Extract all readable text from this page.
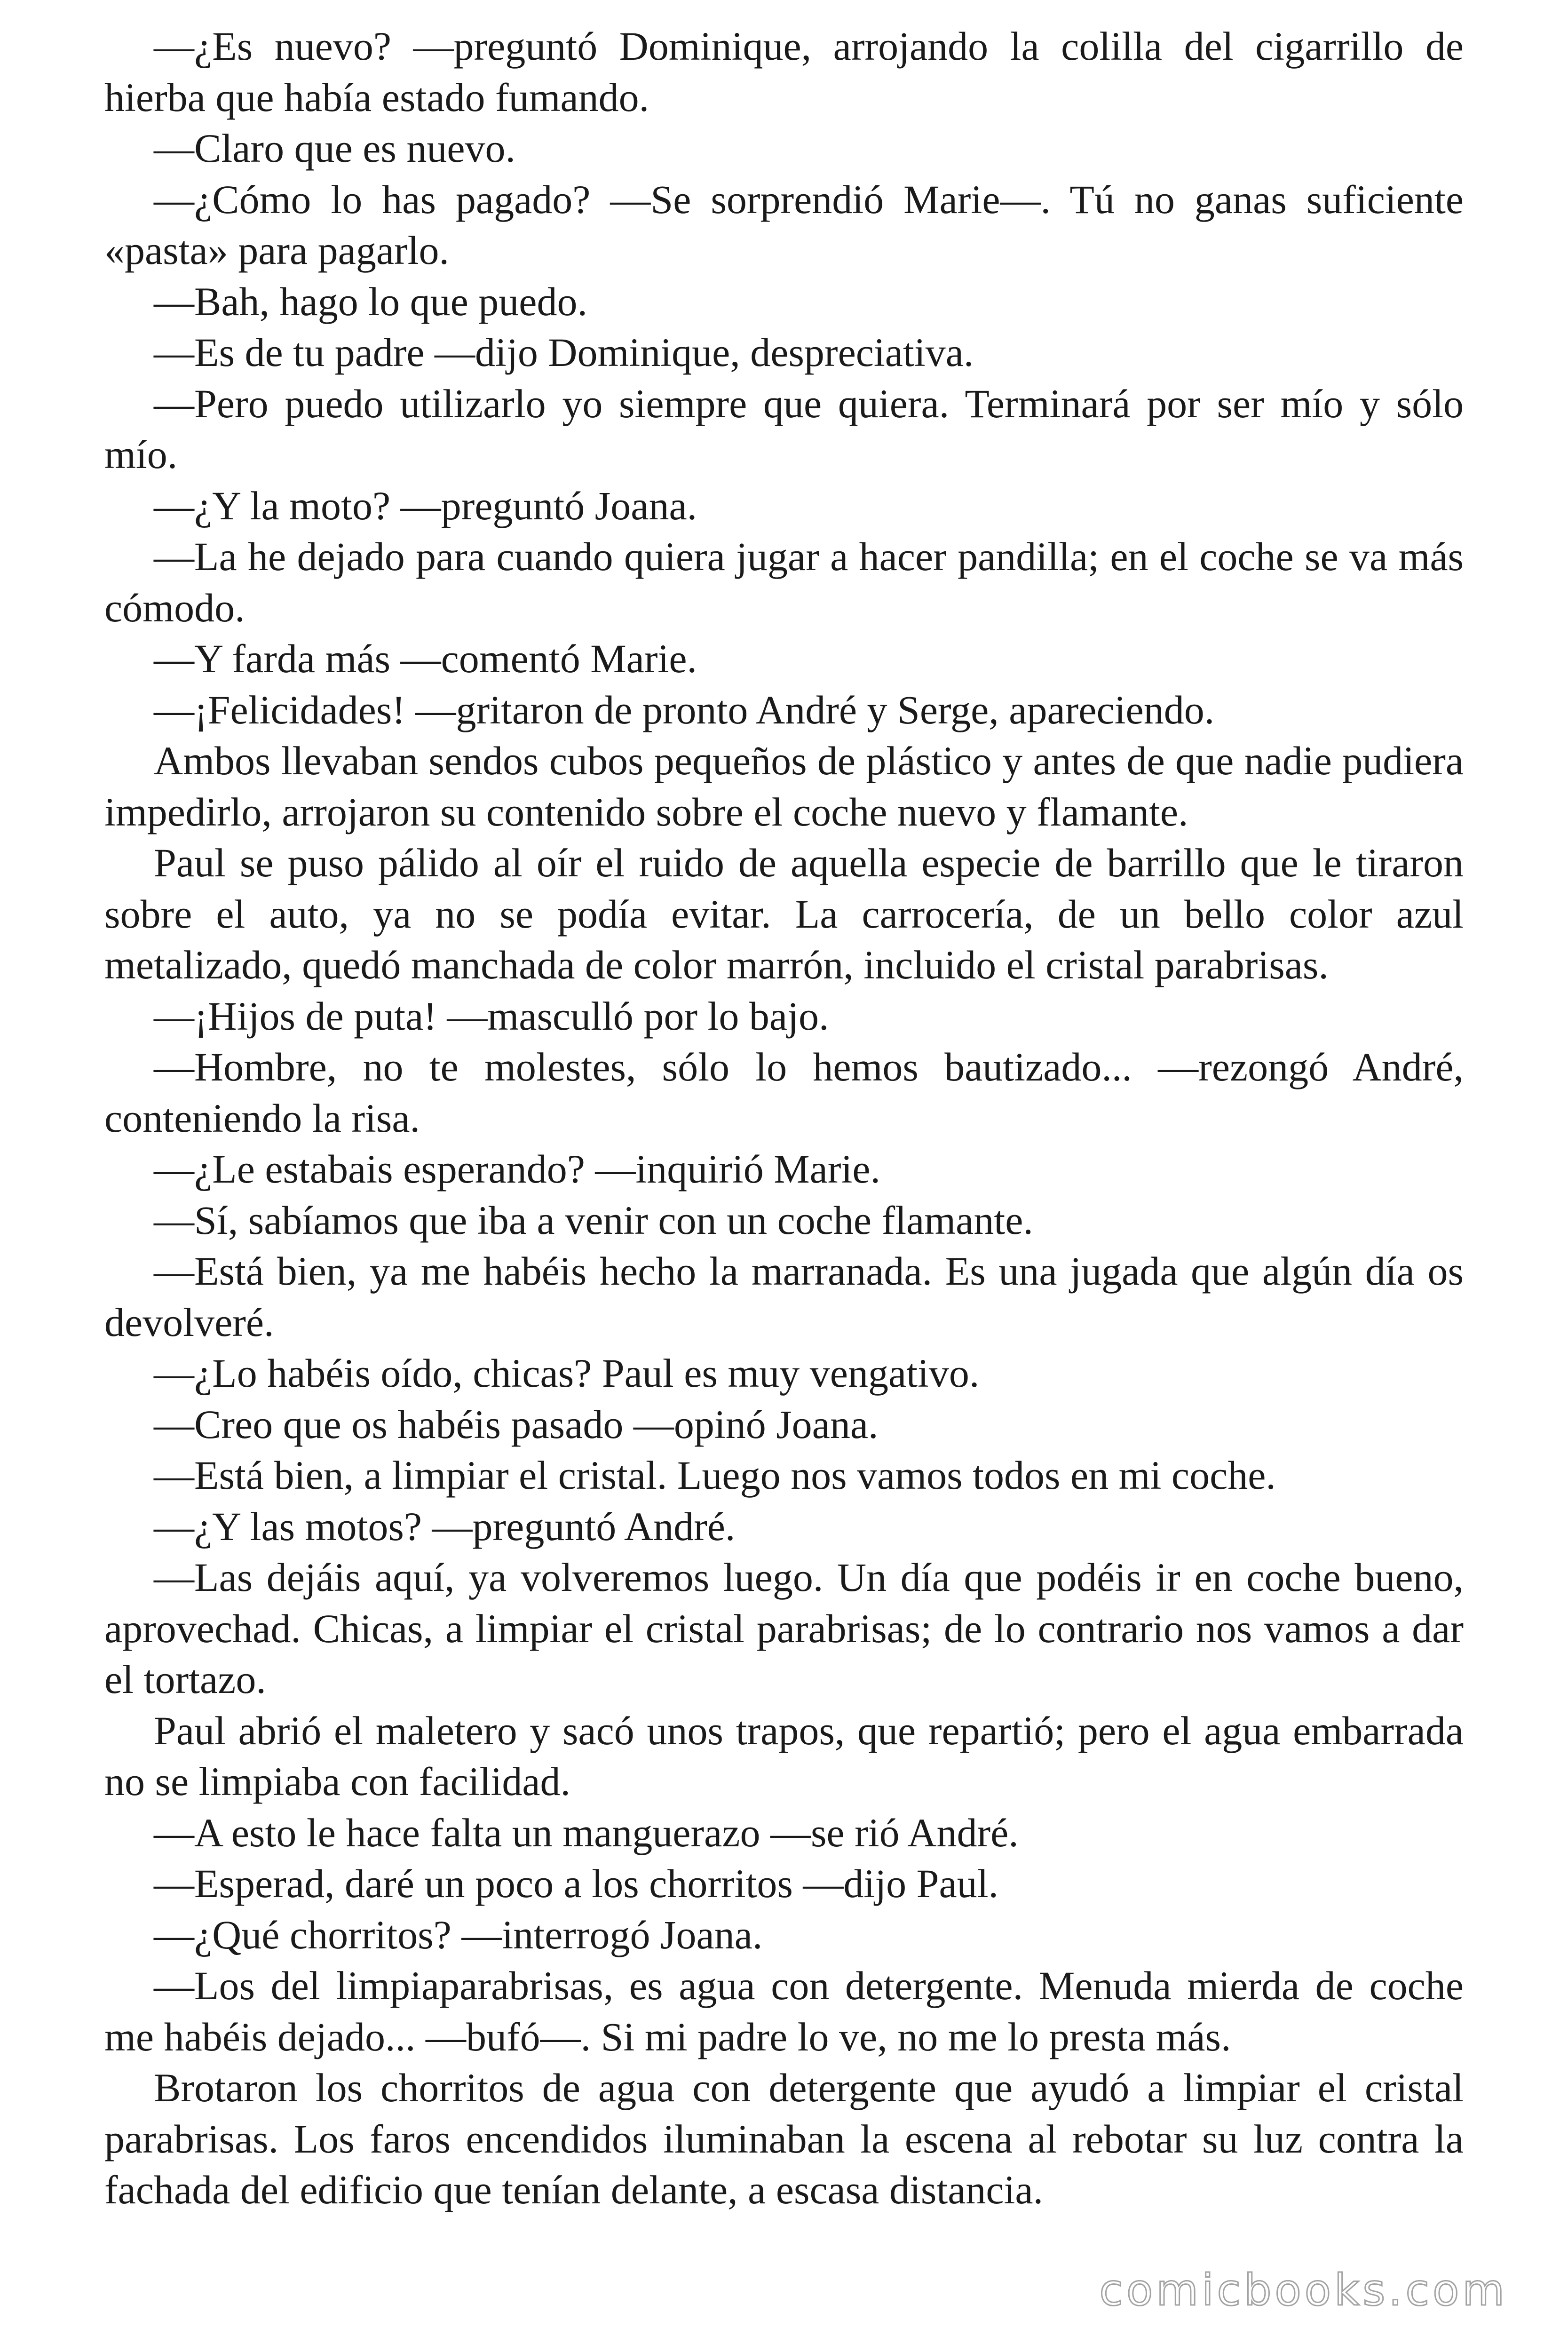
—¿Es nuevo? —preguntó Dominique, arrojando la colilla del cigarrillo de hierba que había estado fumando.

—Claro que es nuevo.

—¿Cómo lo has pagado? —Se sorprendió Marie—. Tú no ganas suficiente «pasta» para pagarlo.

—Bah, hago lo que puedo.

—Es de tu padre —dijo Dominique, despreciativa.

—Pero puedo utilizarlo yo siempre que quiera. Terminará por ser mío y sólo mío.

—¿Y la moto? —preguntó Joana.

—La he dejado para cuando quiera jugar a hacer pandilla; en el coche se va más cómodo.

—Y farda más —comentó Marie.

—¡Felicidades! —gritaron de pronto André y Serge, apareciendo.

Ambos llevaban sendos cubos pequeños de plástico y antes de que nadie pudiera impedirlo, arrojaron su contenido sobre el coche nuevo y flamante.

Paul se puso pálido al oír el ruido de aquella especie de barrillo que le tiraron sobre el auto, ya no se podía evitar. La carrocería, de un bello color azul metalizado, quedó manchada de color marrón, incluido el cristal parabrisas.

—¡Hijos de puta! —masculló por lo bajo.

—Hombre, no te molestes, sólo lo hemos bautizado... —rezongó André, conteniendo la risa.

—¿Le estabais esperando? —inquirió Marie.

—Sí, sabíamos que iba a venir con un coche flamante.

—Está bien, ya me habéis hecho la marranada. Es una jugada que algún día os devolveré.

—¿Lo habéis oído, chicas? Paul es muy vengativo.

—Creo que os habéis pasado —opinó Joana.

—Está bien, a limpiar el cristal. Luego nos vamos todos en mi coche.

—¿Y las motos? —preguntó André.

—Las dejáis aquí, ya volveremos luego. Un día que podéis ir en coche bueno, aprovechad. Chicas, a limpiar el cristal parabrisas; de lo contrario nos vamos a dar el tortazo.

Paul abrió el maletero y sacó unos trapos, que repartió; pero el agua embarrada no se limpiaba con facilidad.

—A esto le hace falta un manguerazo —se rió André.

—Esperad, daré un poco a los chorritos —dijo Paul.

—¿Qué chorritos? —interrogó Joana.

—Los del limpiaparabrisas, es agua con detergente. Menuda mierda de coche me habéis dejado... —bufó—. Si mi padre lo ve, no me lo presta más.

Brotaron los chorritos de agua con detergente que ayudó a limpiar el cristal parabrisas. Los faros encendidos iluminaban la escena al rebotar su luz contra la fachada del edificio que tenían delante, a escasa distancia.

comicbooks.com
